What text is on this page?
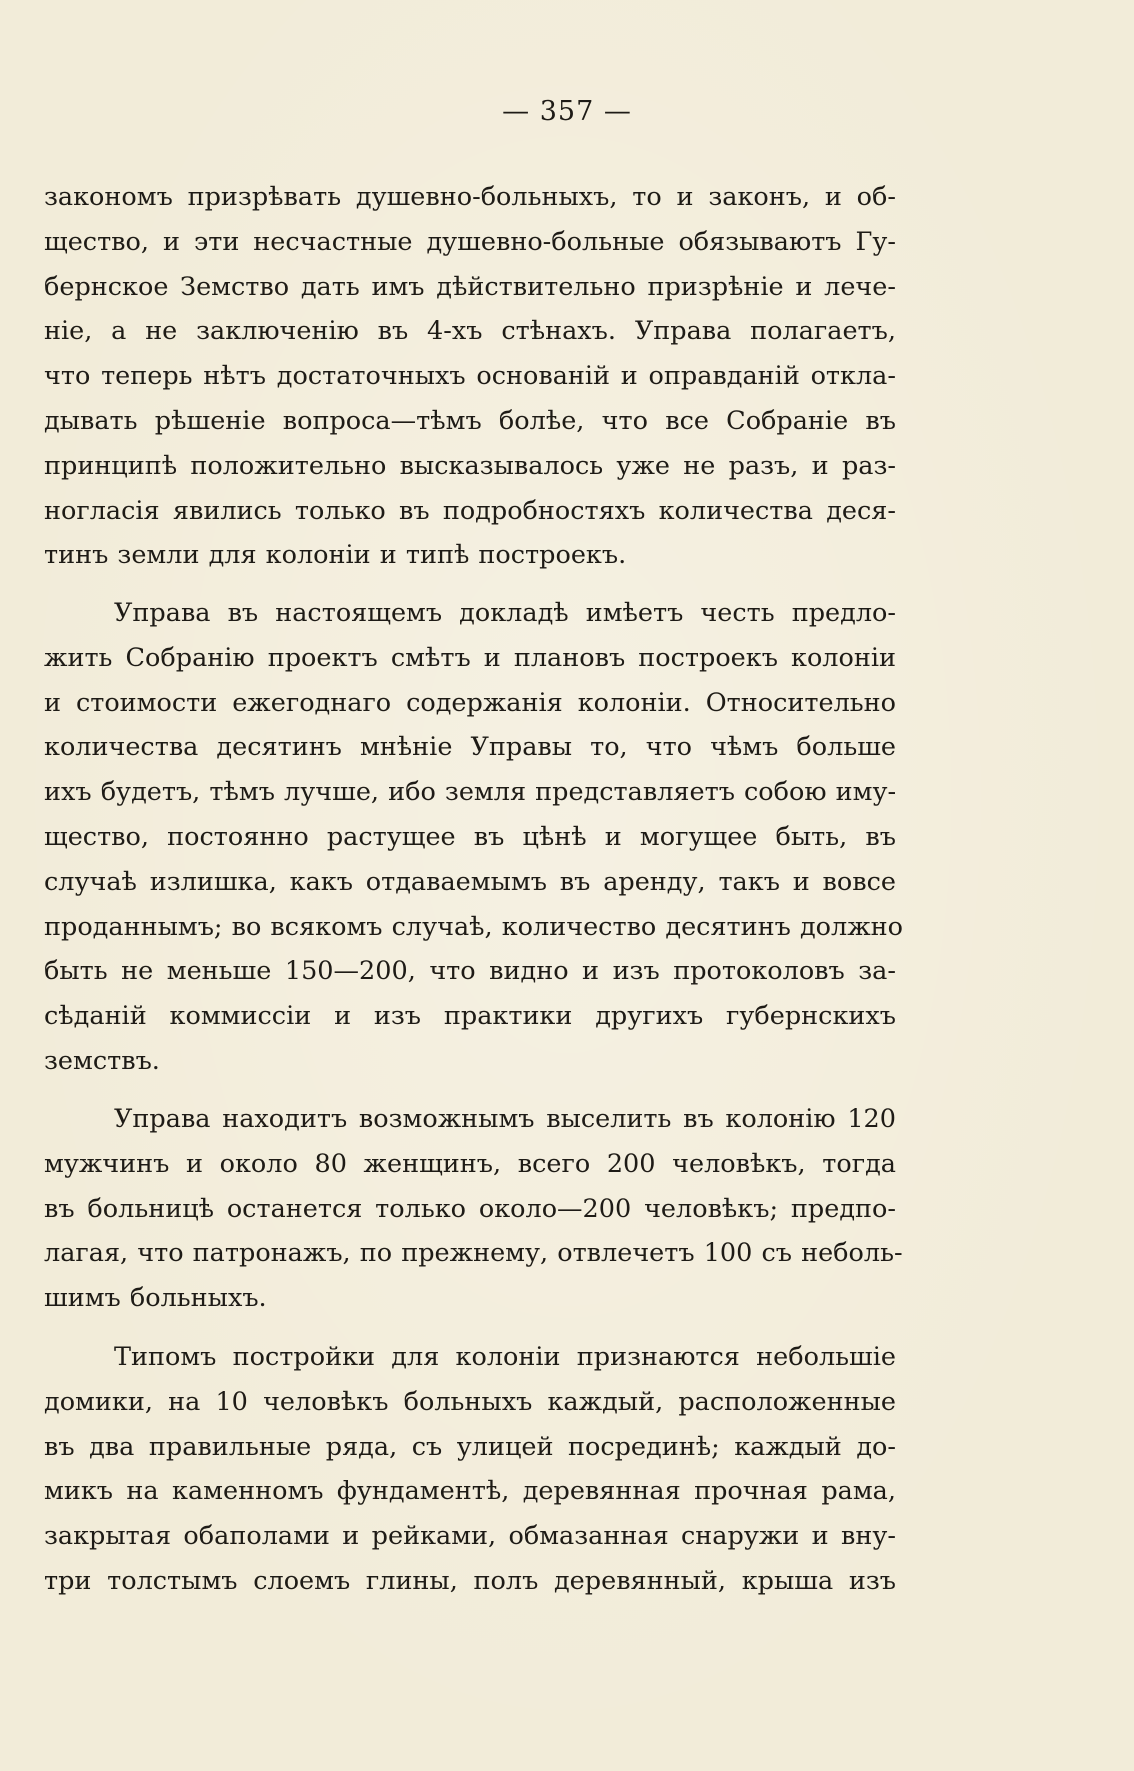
— 357 —
закономъ призрѣвать душевно-больныхъ, то и законъ, и об-
щество, и эти несчастные душевно-больные обязываютъ Гу-
бернское Земство дать имъ дѣйствительно призрѣніе и лече-
ніе, а не заключенію въ 4-хъ стѣнахъ. Управа полагаетъ,
что теперь нѣтъ достаточныхъ основаній и оправданій откла-
дывать рѣшеніе вопроса—тѣмъ болѣе, что все Собраніе въ
принципѣ положительно высказывалось уже не разъ, и раз-
ногласія явились только въ подробностяхъ количества деся-
тинъ земли для колоніи и типѣ построекъ.
Управа въ настоящемъ докладѣ имѣетъ честь предло-
жить Собранію проектъ смѣтъ и плановъ построекъ колоніи
и стоимости ежегоднаго содержанія колоніи. Относительно
количества десятинъ мнѣніе Управы то, что чѣмъ больше
ихъ будетъ, тѣмъ лучше, ибо земля представляетъ собою иму-
щество, постоянно растущее въ цѣнѣ и могущее быть, въ
случаѣ излишка, какъ отдаваемымъ въ аренду, такъ и вовсе
проданнымъ; во всякомъ случаѣ, количество десятинъ должно
быть не меньше 150—200, что видно и изъ протоколовъ за-
сѣданій коммиссіи и изъ практики другихъ губернскихъ
земствъ.
Управа находитъ возможнымъ выселить въ колонію 120
мужчинъ и около 80 женщинъ, всего 200 человѣкъ, тогда
въ больницѣ останется только около—200 человѣкъ; предпо-
лагая, что патронажъ, по прежнему, отвлечетъ 100 съ неболь-
шимъ больныхъ.
Типомъ постройки для колоніи признаются небольшіе
домики, на 10 человѣкъ больныхъ каждый, расположенные
въ два правильные ряда, съ улицей посрединѣ; каждый до-
микъ на каменномъ фундаментѣ, деревянная прочная рама,
закрытая обаполами и рейками, обмазанная снаружи и вну-
три толстымъ слоемъ глины, полъ деревянный, крыша изъ
